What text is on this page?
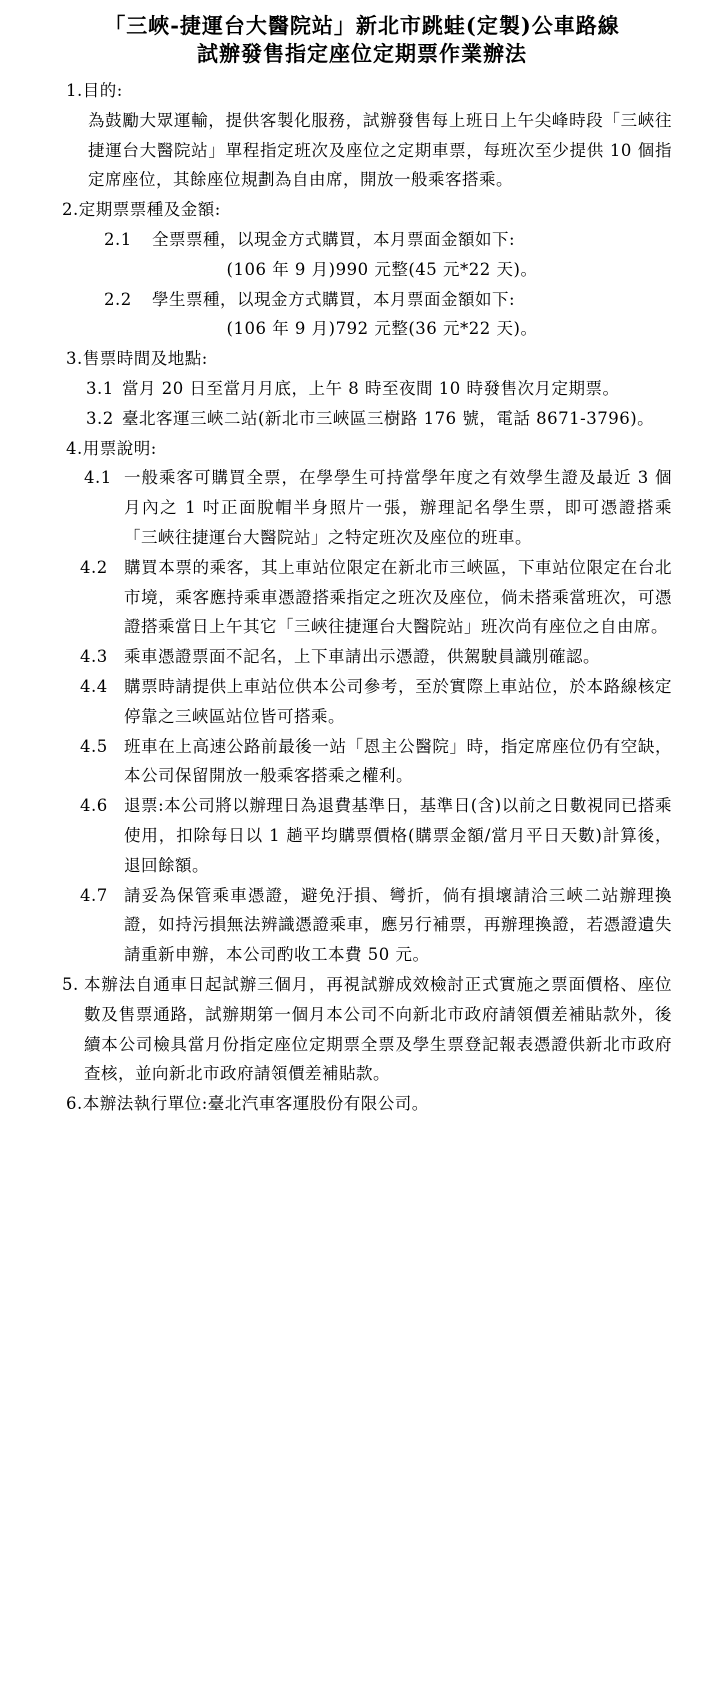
「三峽-捷運台大醫院站」新北市跳蛙(定製)公車路線
試辦發售指定座位定期票作業辦法
1.目的:
為鼓勵大眾運輸，提供客製化服務，試辦發售每上班日上午尖峰時段「三峽往捷運台大醫院站」單程指定班次及座位之定期車票，每班次至少提供 10 個指定席座位，其餘座位規劃為自由席，開放一般乘客搭乘。
2.定期票票種及金額:
2.1	全票票種，以現金方式購買，本月票面金額如下:
(106 年 9 月)990 元整(45 元*22 天)。
2.2	學生票種，以現金方式購買，本月票面金額如下:
(106 年 9 月)792 元整(36 元*22 天)。
3.售票時間及地點:
3.1 當月 20 日至當月月底，上午 8 時至夜間 10 時發售次月定期票。
3.2 臺北客運三峽二站(新北市三峽區三樹路 176 號，電話 8671-3796)。
4.用票說明:
4.1 一般乘客可購買全票，在學學生可持當學年度之有效學生證及最近 3 個月內之 1 吋正面脫帽半身照片一張，辦理記名學生票，即可憑證搭乘「三峽往捷運台大醫院站」之特定班次及座位的班車。
4.2 購買本票的乘客，其上車站位限定在新北市三峽區，下車站位限定在台北市境，乘客應持乘車憑證搭乘指定之班次及座位，倘未搭乘當班次，可憑證搭乘當日上午其它「三峽往捷運台大醫院站」班次尚有座位之自由席。
4.3 乘車憑證票面不記名，上下車請出示憑證，供駕駛員識別確認。
4.4 購票時請提供上車站位供本公司參考，至於實際上車站位，於本路線核定停靠之三峽區站位皆可搭乘。
4.5 班車在上高速公路前最後一站「恩主公醫院」時，指定席座位仍有空缺，本公司保留開放一般乘客搭乘之權利。
4.6 退票:本公司將以辦理日為退費基準日，基準日(含)以前之日數視同已搭乘使用，扣除每日以 1 趟平均購票價格(購票金額/當月平日天數)計算後，退回餘額。
4.7 請妥為保管乘車憑證，避免汙損、彎折，倘有損壞請洽三峽二站辦理換證，如持污損無法辨識憑證乘車，應另行補票，再辦理換證，若憑證遺失請重新申辦，本公司酌收工本費 50 元。
5. 本辦法自通車日起試辦三個月，再視試辦成效檢討正式實施之票面價格、座位數及售票通路，試辦期第一個月本公司不向新北市政府請領價差補貼款外，後續本公司檢具當月份指定座位定期票全票及學生票登記報表憑證供新北市政府查核，並向新北市政府請領價差補貼款。
6.本辦法執行單位:臺北汽車客運股份有限公司。
